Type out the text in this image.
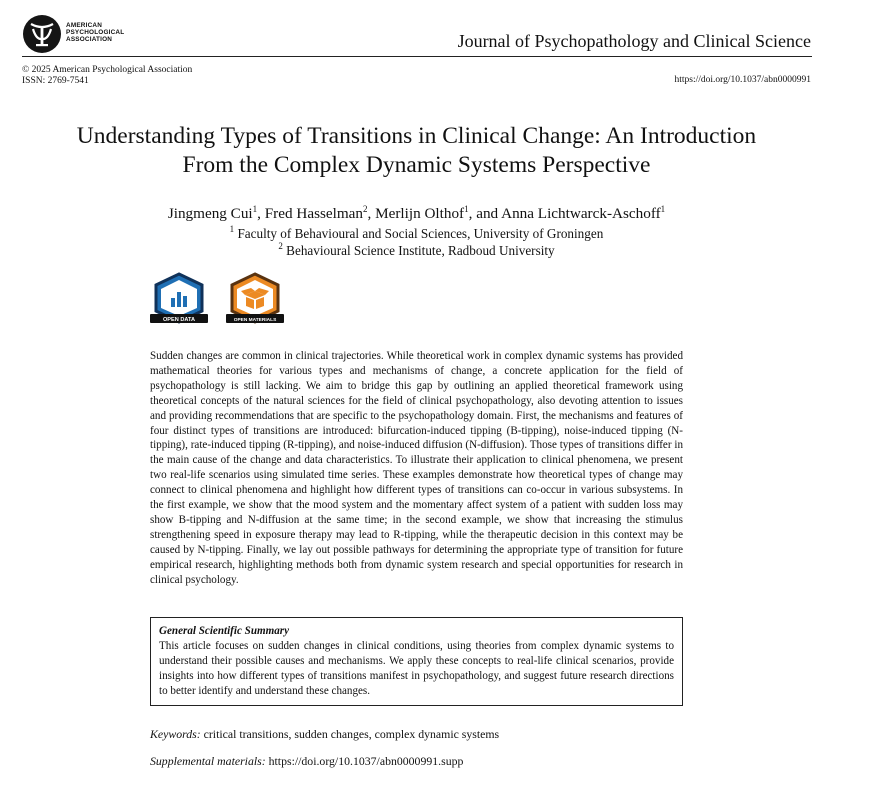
AMERICAN
PSYCHOLOGICAL
ASSOCIATION	Journal of Psychopathology and Clinical Science
© 2025 American Psychological Association
ISSN: 2769-7541	https://doi.org/10.1037/abn0000991
Understanding Types of Transitions in Clinical Change: An Introduction
From the Complex Dynamic Systems Perspective
Jingmeng Cui$^1$, Fred Hasselman$^2$, Merlijn Olthof$^1$, and Anna Lichtwarck-Aschoff$^1$
$^1$ Faculty of Behavioural and Social Sciences, University of Groningen
$^2$ Behavioural Science Institute, Radboud University
OPEN DATA	OPEN MATERIALS
Sudden changes are common in clinical trajectories. While theoretical work in complex dynamic systems has provided mathematical theories for various types and mechanisms of change, a concrete application for the field of psychopathology is still lacking. We aim to bridge this gap by outlining an applied theoretical framework using theoretical concepts of the natural sciences for the field of clinical psychopathology, also devoting attention to issues and providing recommendations that are specific to the psychopathology domain. First, the mechanisms and features of four distinct types of transitions are introduced: bifurcation-induced tipping (B-tipping), noise-induced tipping (N-tipping), rate-induced tipping (R-tipping), and noise-induced diffusion (N-diffusion). Those types of transitions differ in the main cause of the change and data characteristics. To illustrate their application to clinical phenomena, we present two real-life scenarios using simulated time series. These examples demonstrate how theoretical types of change may connect to clinical phenomena and highlight how different types of transitions can co-occur in various subsystems. In the first example, we show that the mood system and the momentary affect system of a patient with sudden loss may show B-tipping and N-diffusion at the same time; in the second example, we show that increasing the stimulus strengthening speed in exposure therapy may lead to R-tipping, while the therapeutic decision in this context may be caused by N-tipping. Finally, we lay out possible pathways for determining the appropriate type of transition for future empirical research, highlighting methods both from dynamic system research and special opportunities for research in clinical psychology.
General Scientific Summary
This article focuses on sudden changes in clinical conditions, using theories from complex dynamic systems to understand their possible causes and mechanisms. We apply these concepts to real-life clinical scenarios, provide insights into how different types of transitions manifest in psychopathology, and suggest future research directions to better identify and understand these changes.
Keywords: critical transitions, sudden changes, complex dynamic systems
Supplemental materials: https://doi.org/10.1037/abn0000991.supp
